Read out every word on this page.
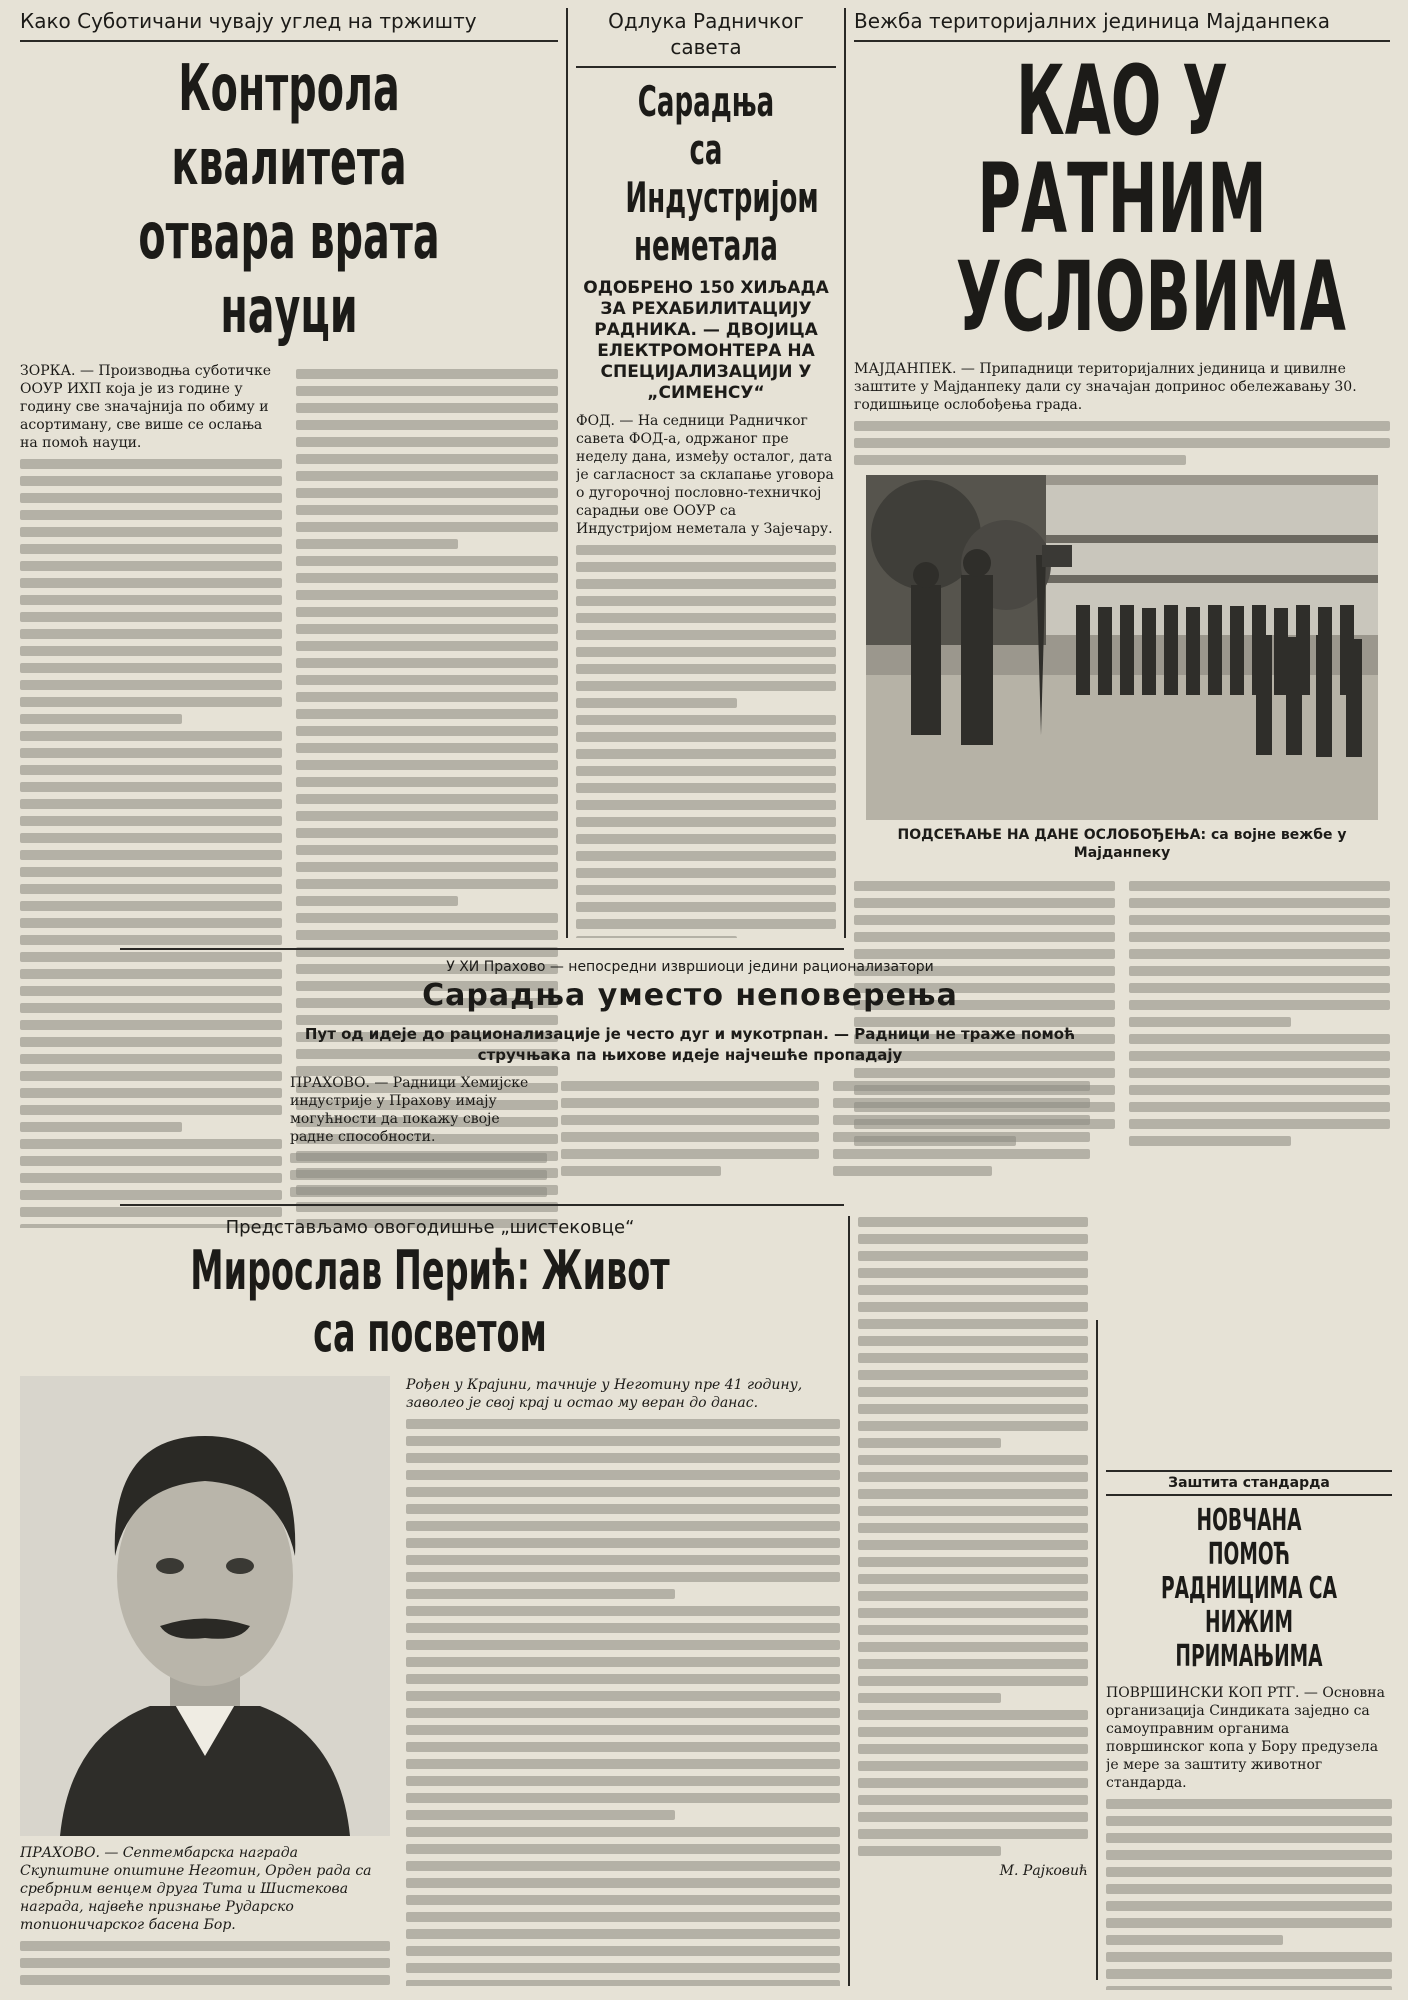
Како Суботичани чувају углед на тржишту
Контрола квалитета отвара врата науци

ЗОРКА. — Производња суботичке ООУР ИХП која је из године у годину све значајнија по обиму и асортиману, све више се ослања на помоћ науци.

Одлука Радничког савета
Сарадња са Индустријом неметала
ОДОБРЕНО 150 ХИЉАДА ЗА РЕХАБИЛИТАЦИЈУ РАДНИКА. — ДВОЈИЦА ЕЛЕКТРОМОНТЕРА НА СПЕЦИЈАЛИЗАЦИЈИ У „СИМЕНСУ“

ФОД. — На седници Радничког савета ФОД-а, одржаног пре неделу дана, између осталог, дата је сагласност за склапање уговора о дугорочној пословно-техничкој сарадњи ове ООУР са Индустријом неметала у Зајечару.

Вежба територијалних јединица Мајданпека
КАО У РАТНИМ УСЛОВИМА

МАЈДАНПЕК. — Припадници територијалних јединица и цивилне заштите у Мајданпеку дали су значајан допринос обележавању 30. годишњице ослобођења града.

ПОДСЕЋАЊЕ НА ДАНЕ ОСЛОБОЂЕЊА: са војне вежбе у Мајданпеку
У ХИ Прахово — непосредни извршиоци једини рационализатори
Сарадња уместо неповерења
Пут од идеје до рационализације је често дуг и мукотрпан. — Радници не траже помоћ стручњака па њихове идеје најчешће пропадају

ПРАХОВО. — Радници Хемијске индустрије у Прахову имају могућности да покажу своје радне способности.

Представљамо овогодишње „шистековце“
Мирослав Перић: Живот са посветом

ПРАХОВО. — Септембарска награда Скупштине општине Неготин, Орден рада са сребрним венцем друга Тита и Шистекова награда, највеће признање Рударско топионичарског басена Бор.

Рођен у Крајини, тачније у Неготину пре 41 годину, заволео је свој крај и остао му веран до данас.

М. Рајковић
Заштита стандарда
НОВЧАНА ПОМОЋ РАДНИЦИМА СА НИЖИМ ПРИМАЊИМА

ПОВРШИНСКИ КОП РТГ. — Основна организација Синдиката заједно са самоуправним органима површинског копа у Бору предузела је мере за заштиту животног стандарда.
